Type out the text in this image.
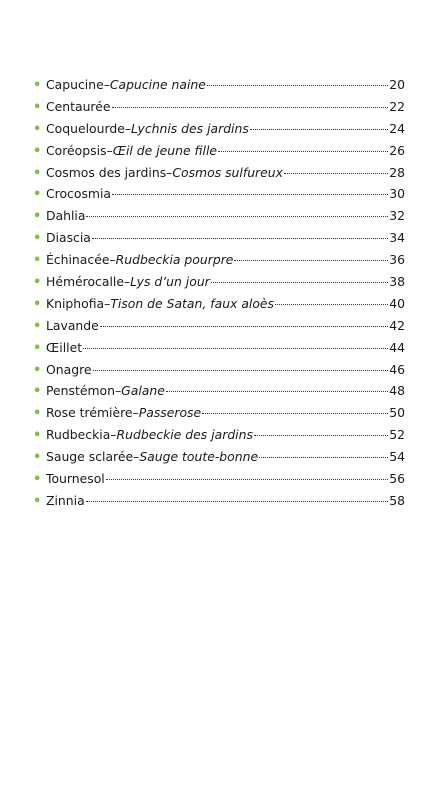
• Capucine – Capucine naine	20
• Centaurée	22
• Coquelourde – Lychnis des jardins	24
• Coréopsis – Œil de jeune fille	26
• Cosmos des jardins – Cosmos sulfureux	28
• Crocosmia	30
• Dahlia	32
• Diascia	34
• Échinacée – Rudbeckia pourpre	36
• Hémérocalle – Lys d’un jour	38
• Kniphofia – Tison de Satan, faux aloès	40
• Lavande	42
• Œillet	44
• Onagre	46
• Penstémon – Galane	48
• Rose trémière – Passerose	50
• Rudbeckia – Rudbeckie des jardins	52
• Sauge sclarée – Sauge toute-bonne	54
• Tournesol	56
• Zinnia	58
